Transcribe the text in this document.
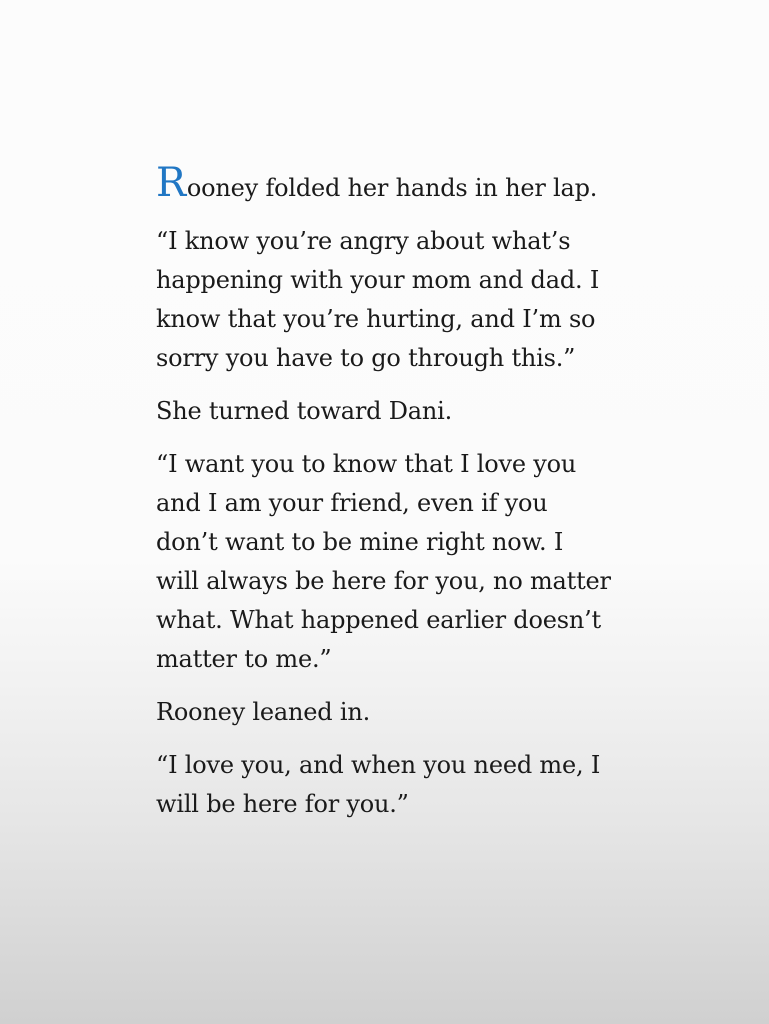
Rooney folded her hands in her lap.

“I know you’re angry about what’s
happening with your mom and dad. I
know that you’re hurting, and I’m so
sorry you have to go through this.”

She turned toward Dani.

“I want you to know that I love you
and I am your friend, even if you
don’t want to be mine right now. I
will always be here for you, no matter
what. What happened earlier doesn’t
matter to me.”

Rooney leaned in.

“I love you, and when you need me, I
will be here for you.”
